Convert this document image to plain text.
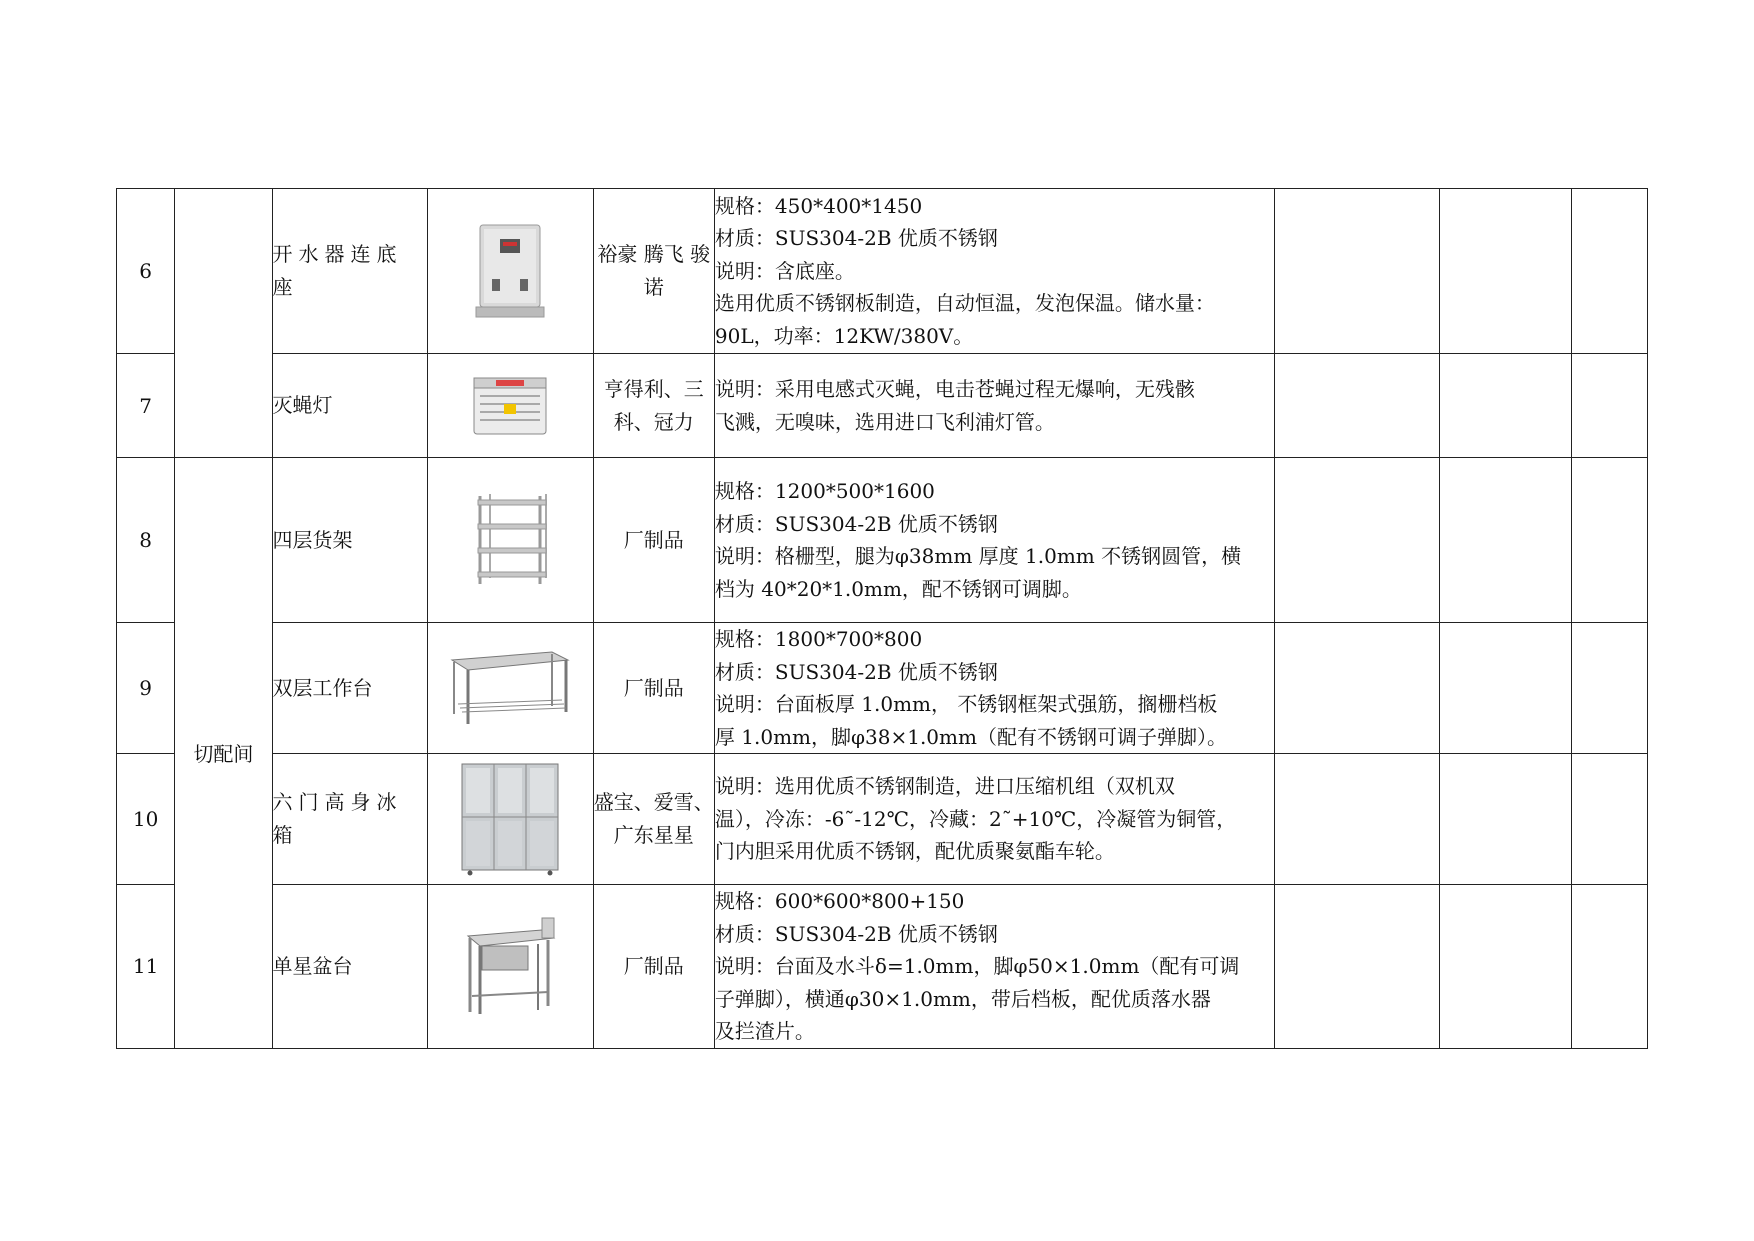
6		开水器连底座		裕豪 腾飞 骏诺	规格：450*400*1450
材质：SUS304-2B 优质不锈钢
说明：含底座。
选用优质不锈钢板制造，自动恒温，发泡保温。储水量：
90L，功率：12KW/380V。			

7		灭蝇灯		亨得利、三科、冠力	说明：采用电感式灭蝇，电击苍蝇过程无爆响，无残骸
飞溅，无嗅味，选用进口飞利浦灯管。			

8	切配间	四层货架		厂制品	规格：1200*500*1600
材质：SUS304-2B 优质不锈钢
说明：格栅型，腿为φ38mm 厚度 1.0mm 不锈钢圆管，横
档为 40*20*1.0mm，配不锈钢可调脚。			

9		双层工作台		厂制品	规格：1800*700*800
材质：SUS304-2B 优质不锈钢
说明：台面板厚 1.0mm， 不锈钢框架式强筋，搁栅档板
厚 1.0mm，脚φ38×1.0mm（配有不锈钢可调子弹脚）。			

10		六门高身冰箱		盛宝、爱雪、广东星星	说明：选用优质不锈钢制造，进口压缩机组（双机双
温），冷冻：-6˜-12℃，冷藏：2˜+10℃，冷凝管为铜管，
门内胆采用优质不锈钢，配优质聚氨酯车轮。			

11		单星盆台		厂制品	规格：600*600*800+150
材质：SUS304-2B 优质不锈钢
说明：台面及水斗δ=1.0mm，脚φ50×1.0mm（配有可调
子弹脚），横通φ30×1.0mm，带后档板，配优质落水器
及拦渣片。			
